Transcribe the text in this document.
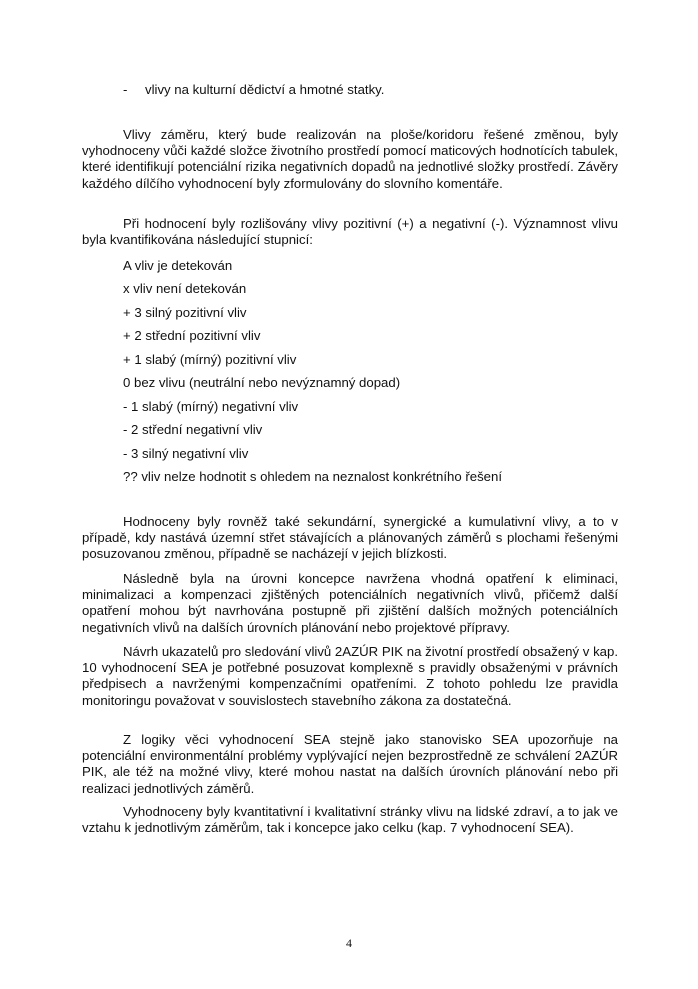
- vlivy na kulturní dědictví a hmotné statky.

Vlivy záměru, který bude realizován na ploše/koridoru řešené změnou, byly vyhodnoceny vůči každé složce životního prostředí pomocí maticových hodnotících tabulek, které identifikují potenciální rizika negativních dopadů na jednotlivé složky prostředí. Závěry každého dílčího vyhodnocení byly zformulovány do slovního komentáře.

Při hodnocení byly rozlišovány vlivy pozitivní (+) a negativní (-). Významnost vlivu byla kvantifikována následující stupnicí:

A vliv je detekován
x vliv není detekován
+ 3 silný pozitivní vliv
+ 2 střední pozitivní vliv
+ 1 slabý (mírný) pozitivní vliv
0 bez vlivu (neutrální nebo nevýznamný dopad)
- 1 slabý (mírný) negativní vliv
- 2 střední negativní vliv
- 3 silný negativní vliv
?? vliv nelze hodnotit s ohledem na neznalost konkrétního řešení

Hodnoceny byly rovněž také sekundární, synergické a kumulativní vlivy, a to v případě, kdy nastává územní střet stávajících a plánovaných záměrů s plochami řešenými posuzovanou změnou, případně se nacházejí v jejich blízkosti.

Následně byla na úrovni koncepce navržena vhodná opatření k eliminaci, minimalizaci a kompenzaci zjištěných potenciálních negativních vlivů, přičemž další opatření mohou být navrhována postupně při zjištění dalších možných potenciálních negativních vlivů na dalších úrovních plánování nebo projektové přípravy.

Návrh ukazatelů pro sledování vlivů 2AZÚR PIK na životní prostředí obsažený v kap. 10 vyhodnocení SEA je potřebné posuzovat komplexně s pravidly obsaženými v právních předpisech a navrženými kompenzačními opatřeními. Z tohoto pohledu lze pravidla monitoringu považovat v souvislostech stavebního zákona za dostatečná.

Z logiky věci vyhodnocení SEA stejně jako stanovisko SEA upozorňuje na potenciální environmentální problémy vyplývající nejen bezprostředně ze schválení 2AZÚR PIK, ale též na možné vlivy, které mohou nastat na dalších úrovních plánování nebo při realizaci jednotlivých záměrů.

Vyhodnoceny byly kvantitativní i kvalitativní stránky vlivu na lidské zdraví, a to jak ve vztahu k jednotlivým záměrům, tak i koncepce jako celku (kap. 7 vyhodnocení SEA).

4
